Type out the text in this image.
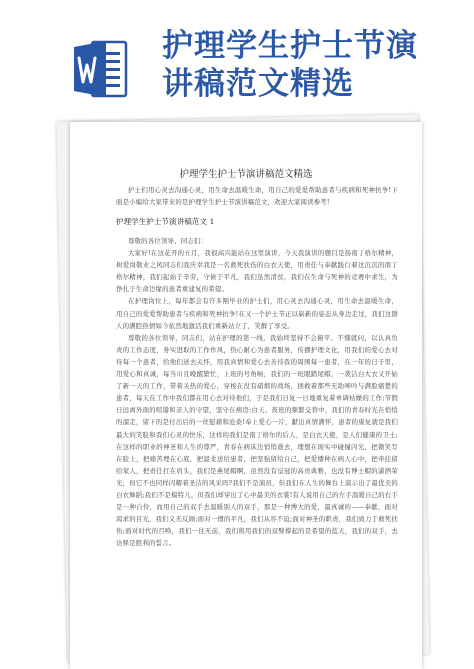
护理学生护士节演
讲稿范文精选
护理学生护士节演讲稿范文精选
护士们用心灵去沟通心灵，用生命去温暖生命，用自己的爱爱帮助患者与疾病和死神抗争!下面是小编给大家带来的是护理学生护士节演讲稿范文，欢迎大家阅读参考!
护理学生护士节演讲稿范文 1
尊敬的各位领导、同志们：
大家好!在这花开的五月，我很高兴能站在这里演讲，今天我演讲的题目是扬南丁格尔精神，树爱岗敬业之风同志们我庆幸我是一名救死扶伤的白衣天使，用责任与奉献践行着这沉沉的南丁格尔精神，我们起始于辛劳，守候于平凡，我们虽然清贫，我们在生命与死神的竞赛中求生，为挣扎于生命边缘的患者重建复的希望。
在护理岗位上，每年都会有许多刚毕业的护士们，用心灵去沟通心灵，用生命去温暖生命，用自己的爱爱帮助患者与疾病和死神抗争!在又一个护士节正以崭新的姿态从身边走过，我们这群人的满腔热情如今依然地激活我们重新站立了，笑醉了享受。
尊敬的各位领导，同志们，站在护理的第一线，我始终坚持不会俯平、不懂就问，以认真负责的工作态度，务实进取的工作作风，热心耐心为患者服务，传播护理文化，用我们的爱心去对待每一个患者，给他们送去关怀，用我真情和爱心去善待我的周围每一患者，在一年的日子里，用爱心和真诚，每当川且晚醒繁忙，上班的号角响，我们的一班眼踏尾帽，一袭洁白大衣又开始了新一天的工作，带着关热的爱心，穿梭在没有硝烟的战场，拯救着那些无助呻吟与满脸痛楚的患者，每天在工作中我们都在用心去对待他们，于是我们日复一日地重复着单调枯燥的工作;节假日远离外面的喧嚣和亲人的守望，坚守在病房;白天、夜班的频繁交替中，我们的青春时光在悄悄的溜走，留下的是付出后的一丝慰藉和沧桑!奉上爱心一片，献出真情满怀，患者的康复就是我们最大的笑脸和我们心灵的快乐，这样的我们是南丁格尔的后人，是白衣天使，是人们健康的卫士;在这样的职业的神圣和人生的尊严，青春在病床边悄悄逝去，理想在现实中碰撞闪光，把微笑写在脸上，把痛苦埋在心底，把温柔送给患者，把坚强留给自己，把爱播种在病人心中，把牵挂留给家人，把责任扛在肩头，我们是燕尾帽啊，虽然没有皇冠的高贵典雅，也没有博士帽的潇洒荣光，但它不也同样闪耀着圣洁的风采吗?我们不是演员，但我们在人生的舞台上演示出了最优美的白衣舞蹈;我们不是模特儿，但我们却穿出了心中最美的衣裳!有人说用自己的左手温暖自己的右手是一种自怜，而用自己的双手去温暖别人的双手，那是一种博大的爱，最真诚的——奉献，面对渴求的目光，我们义无反顾;面对一惯的平凡，我们从容不迫;面对神圣的职责，我们致力于救死扶伤;面对时代的召唤，我们一往无前，我们将用我们的双臂撑起的是希望的蓝天，我们的双手，去诠释是胜利的誓言。
